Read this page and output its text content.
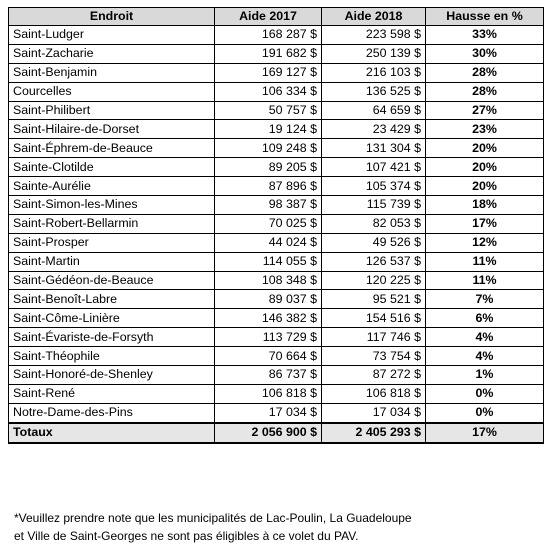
Endroit	Aide 2017	Aide 2018	Hausse en %
Saint-Ludger	168 287 $	223 598 $	33%
Saint-Zacharie	191 682 $	250 139 $	30%
Saint-Benjamin	169 127 $	216 103 $	28%
Courcelles	106 334 $	136 525 $	28%
Saint-Philibert	50 757 $	64 659 $	27%
Saint-Hilaire-de-Dorset	19 124 $	23 429 $	23%
Saint-Éphrem-de-Beauce	109 248 $	131 304 $	20%
Sainte-Clotilde	89 205 $	107 421 $	20%
Sainte-Aurélie	87 896 $	105 374 $	20%
Saint-Simon-les-Mines	98 387 $	115 739 $	18%
Saint-Robert-Bellarmin	70 025 $	82 053 $	17%
Saint-Prosper	44 024 $	49 526 $	12%
Saint-Martin	114 055 $	126 537 $	11%
Saint-Gédéon-de-Beauce	108 348 $	120 225 $	11%
Saint-Benoît-Labre	89 037 $	95 521 $	7%
Saint-Côme-Linière	146 382 $	154 516 $	6%
Saint-Évariste-de-Forsyth	113 729 $	117 746 $	4%
Saint-Théophile	70 664 $	73 754 $	4%
Saint-Honoré-de-Shenley	86 737 $	87 272 $	1%
Saint-René	106 818 $	106 818 $	0%
Notre-Dame-des-Pins	17 034 $	17 034 $	0%
Totaux	2 056 900 $	2 405 293 $	17%
*Veuillez prendre note que les municipalités de Lac-Poulin, La Guadeloupe
et Ville de Saint-Georges ne sont pas éligibles à ce volet du PAV.
